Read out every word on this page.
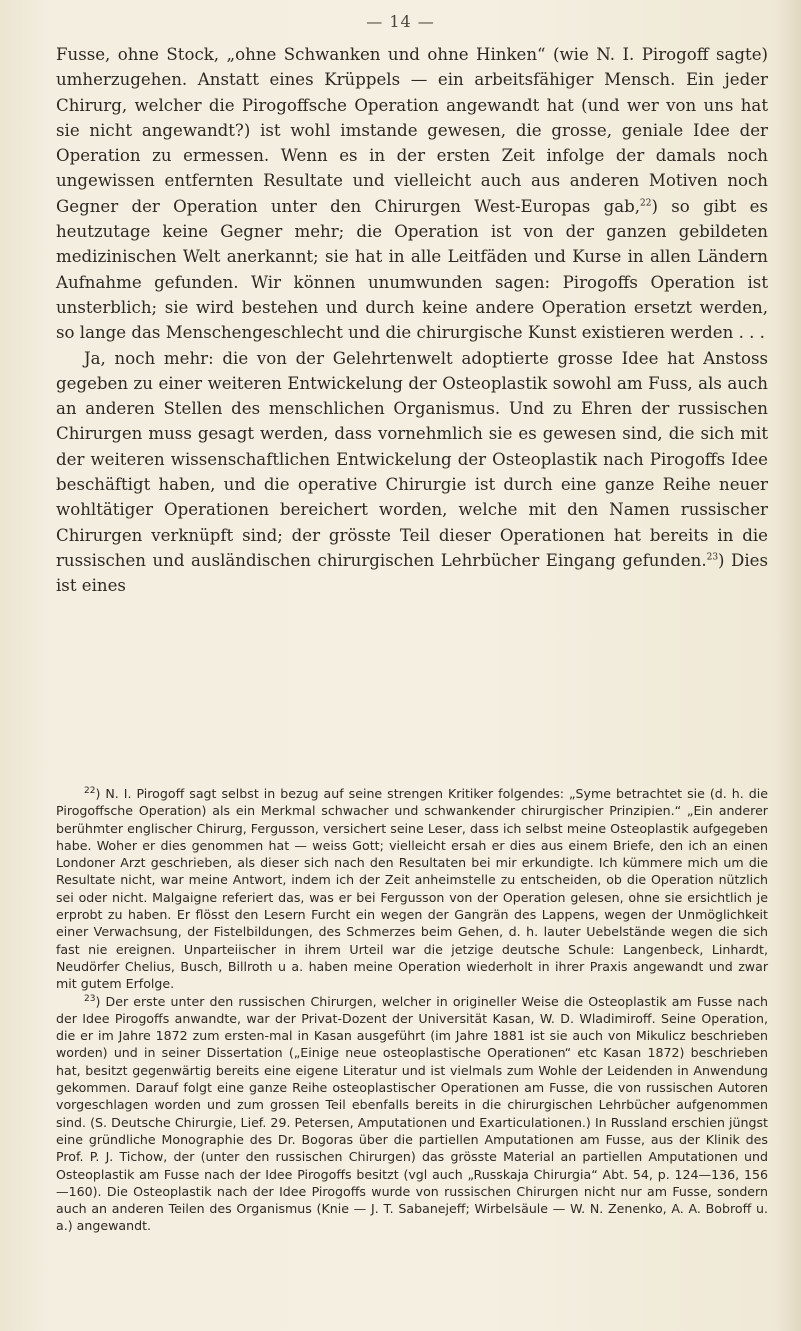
— 14 —

Fusse, ohne Stock, „ohne Schwanken und ohne Hinken“ (wie N. I. Pirogoff sagte) umherzugehen. Anstatt eines Krüppels — ein arbeitsfähiger Mensch. Ein jeder Chirurg, welcher die Pirogoffsche Operation angewandt hat (und wer von uns hat sie nicht angewandt?) ist wohl imstande gewesen, die grosse, geniale Idee der Operation zu ermessen. Wenn es in der ersten Zeit infolge der damals noch ungewissen entfernten Resultate und vielleicht auch aus anderen Motiven noch Gegner der Operation unter den Chirurgen West-Europas gab,$^{22}$) so gibt es heutzutage keine Gegner mehr; die Operation ist von der ganzen gebildeten medizinischen Welt anerkannt; sie hat in alle Leitfäden und Kurse in allen Ländern Aufnahme gefunden. Wir können unumwunden sagen: Pirogoffs Operation ist unsterblich; sie wird bestehen und durch keine andere Operation ersetzt werden, so lange das Menschengeschlecht und die chirurgische Kunst existieren werden . . .

Ja, noch mehr: die von der Gelehrtenwelt adoptierte grosse Idee hat Anstoss gegeben zu einer weiteren Entwickelung der Osteoplastik sowohl am Fuss, als auch an anderen Stellen des menschlichen Organismus. Und zu Ehren der russischen Chirurgen muss gesagt werden, dass vornehmlich sie es gewesen sind, die sich mit der weiteren wissenschaftlichen Entwickelung der Osteoplastik nach Pirogoffs Idee beschäftigt haben, und die operative Chirurgie ist durch eine ganze Reihe neuer wohltätiger Operationen bereichert worden, welche mit den Namen russischer Chirurgen verknüpft sind; der grösste Teil dieser Operationen hat bereits in die russischen und ausländischen chirurgischen Lehrbücher Eingang gefunden.$^{23}$) Dies ist eines

$^{22}$) N. I. Pirogoff sagt selbst in bezug auf seine strengen Kritiker folgendes: „Syme betrachtet sie (d. h. die Pirogoffsche Operation) als ein Merkmal schwacher und schwankender chirurgischer Prinzipien.“ „Ein anderer berühmter englischer Chirurg, Fergusson, versichert seine Leser, dass ich selbst meine Osteoplastik aufgegeben habe. Woher er dies genommen hat — weiss Gott; vielleicht ersah er dies aus einem Briefe, den ich an einen Londoner Arzt geschrieben, als dieser sich nach den Resultaten bei mir erkundigte. Ich kümmere mich um die Resultate nicht, war meine Antwort, indem ich der Zeit anheimstelle zu entscheiden, ob die Operation nützlich sei oder nicht. Malgaigne referiert das, was er bei Fergusson von der Operation gelesen, ohne sie ersichtlich je erprobt zu haben. Er flösst den Lesern Furcht ein wegen der Gangrän des Lappens, wegen der Unmöglichkeit einer Verwachsung, der Fistelbildungen, des Schmerzes beim Gehen, d. h. lauter Uebelstände wegen die sich fast nie ereignen. Unparteiischer in ihrem Urteil war die jetzige deutsche Schule: Langenbeck, Linhardt, Neudörfer Chelius, Busch, Billroth u a. haben meine Operation wiederholt in ihrer Praxis angewandt und zwar mit gutem Erfolge.

$^{23}$) Der erste unter den russischen Chirurgen, welcher in origineller Weise die Osteoplastik am Fusse nach der Idee Pirogoffs anwandte, war der Privat-Dozent der Universität Kasan, W. D. Wladimiroff. Seine Operation, die er im Jahre 1872 zum ersten-mal in Kasan ausgeführt (im Jahre 1881 ist sie auch von Mikulicz beschrieben worden) und in seiner Dissertation („Einige neue osteoplastische Operationen“ etc Kasan 1872) beschrieben hat, besitzt gegenwärtig bereits eine eigene Literatur und ist vielmals zum Wohle der Leidenden in Anwendung gekommen. Darauf folgt eine ganze Reihe osteoplastischer Operationen am Fusse, die von russischen Autoren vorgeschlagen worden und zum grossen Teil ebenfalls bereits in die chirurgischen Lehrbücher aufgenommen sind. (S. Deutsche Chirurgie, Lief. 29. Petersen, Amputationen und Exarticulationen.) In Russland erschien jüngst eine gründliche Monographie des Dr. Bogoras über die partiellen Amputationen am Fusse, aus der Klinik des Prof. P. J. Tichow, der (unter den russischen Chirurgen) das grösste Material an partiellen Amputationen und Osteoplastik am Fusse nach der Idee Pirogoffs besitzt (vgl auch „Russkaja Chirurgia“ Abt. 54, p. 124—136, 156—160). Die Osteoplastik nach der Idee Pirogoffs wurde von russischen Chirurgen nicht nur am Fusse, sondern auch an anderen Teilen des Organismus (Knie — J. T. Sabanejeff; Wirbelsäule — W. N. Zenenko, A. A. Bobroff u. a.) angewandt.
